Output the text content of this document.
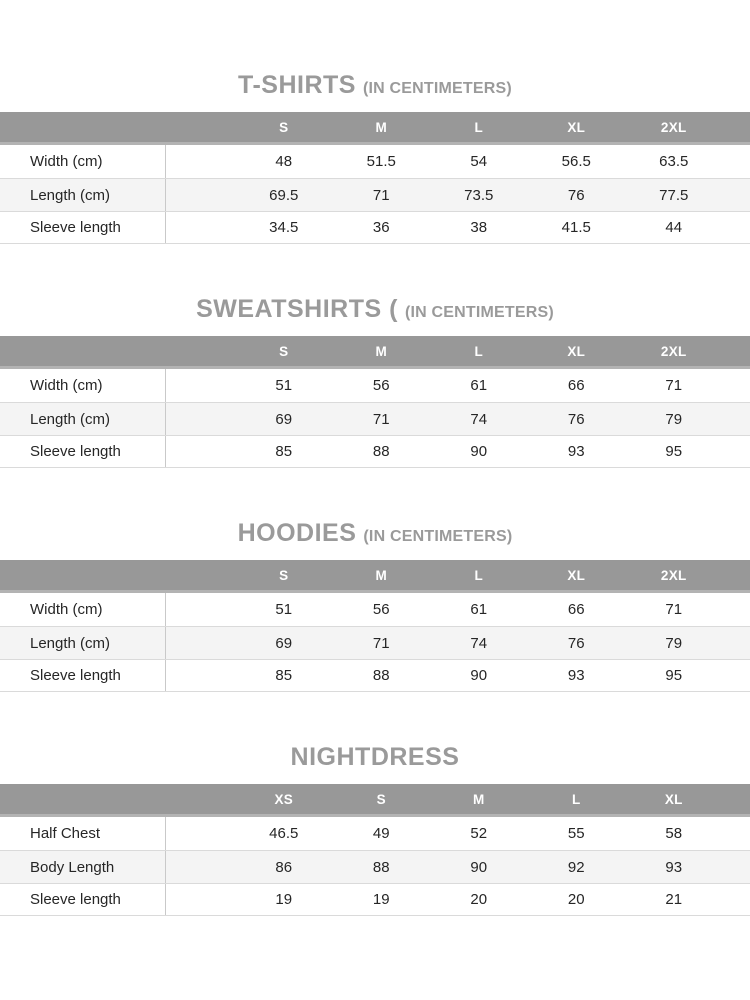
T-SHIRTS (IN CENTIMETERS)
S	M	L	XL	2XL
Width (cm)	48	51.5	54	56.5	63.5
Length (cm)	69.5	71	73.5	76	77.5
Sleeve length	34.5	36	38	41.5	44
SWEATSHIRTS ( (IN CENTIMETERS)
S	M	L	XL	2XL
Width (cm)	51	56	61	66	71
Length (cm)	69	71	74	76	79
Sleeve length	85	88	90	93	95
HOODIES (IN CENTIMETERS)
S	M	L	XL	2XL
Width (cm)	51	56	61	66	71
Length (cm)	69	71	74	76	79
Sleeve length	85	88	90	93	95
NIGHTDRESS
XS	S	M	L	XL
Half Chest	46.5	49	52	55	58
Body Length	86	88	90	92	93
Sleeve length	19	19	20	20	21
